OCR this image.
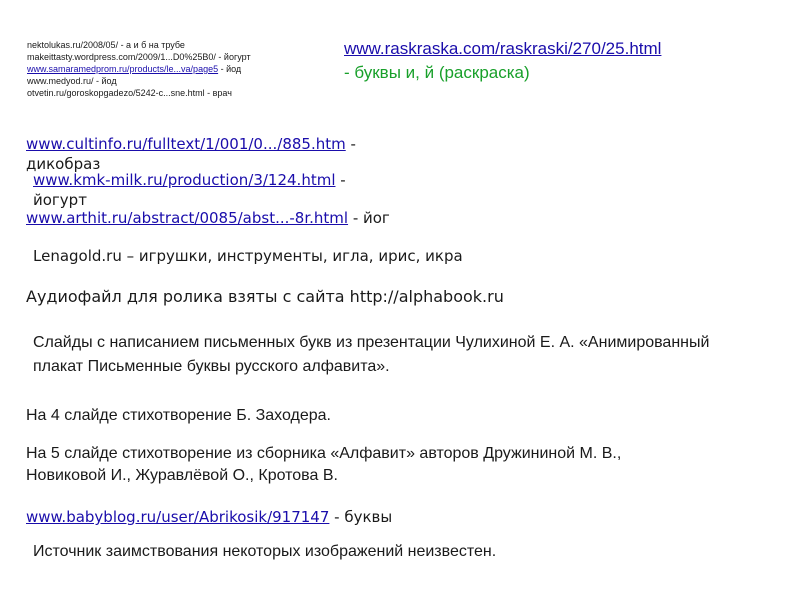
nektolukas.ru/2008/05/ - а и б на трубе
makeittasty.wordpress.com/2009/1...D0%25B0/ - йогурт
www.samaramedprom.ru/products/le...va/page5 - йод
www.medyod.ru/ - йод
otvetin.ru/goroskopgadezo/5242-c...sne.html - врач
www.raskraska.com/raskraski/270/25.html
- буквы и, й (раскраска)
www.cultinfo.ru/fulltext/1/001/0.../885.htm - дикобраз
www.kmk-milk.ru/production/3/124.html - йогурт
www.arthit.ru/abstract/0085/abst...-8r.html - йог
Lenagold.ru – игрушки, инструменты, игла, ирис, икра
Аудиофайл для ролика взяты с сайта http://alphabook.ru
Слайды с написанием письменных букв из презентации Чулихиной Е. А. «Анимированный плакат Письменные буквы русского алфавита».
На 4 слайде стихотворение Б. Заходера.
На 5 слайде стихотворение из сборника «Алфавит» авторов Дружининой М. В.,
Новиковой И., Журавлёвой О., Кротова В.
www.babyblog.ru/user/Abrikosik/917147 - буквы
Источник заимствования некоторых изображений неизвестен.
